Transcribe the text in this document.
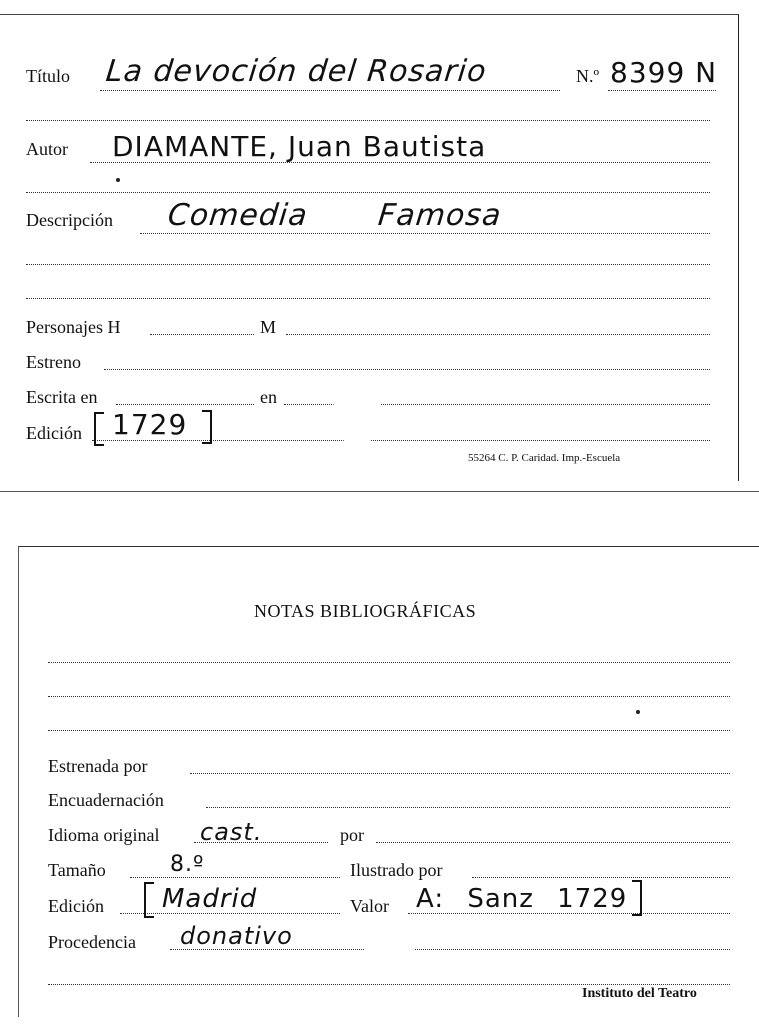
Título La devoción del Rosario	N.º 8399 N
Autor DIAMANTE, Juan Bautista
Descripción Comedia Famosa
Personajes H	M
Estreno
Escrita en	en
Edición 1729
55264 C. P. Caridad. Imp.-Escuela
NOTAS BIBLIOGRÁFICAS
Estrenada por
Encuadernación
Idioma original cast.	por
Tamaño	8.º	Ilustrado por
Edición Madrid	Valor A: Sanz 1729
Procedencia donativo
Instituto del Teatro
